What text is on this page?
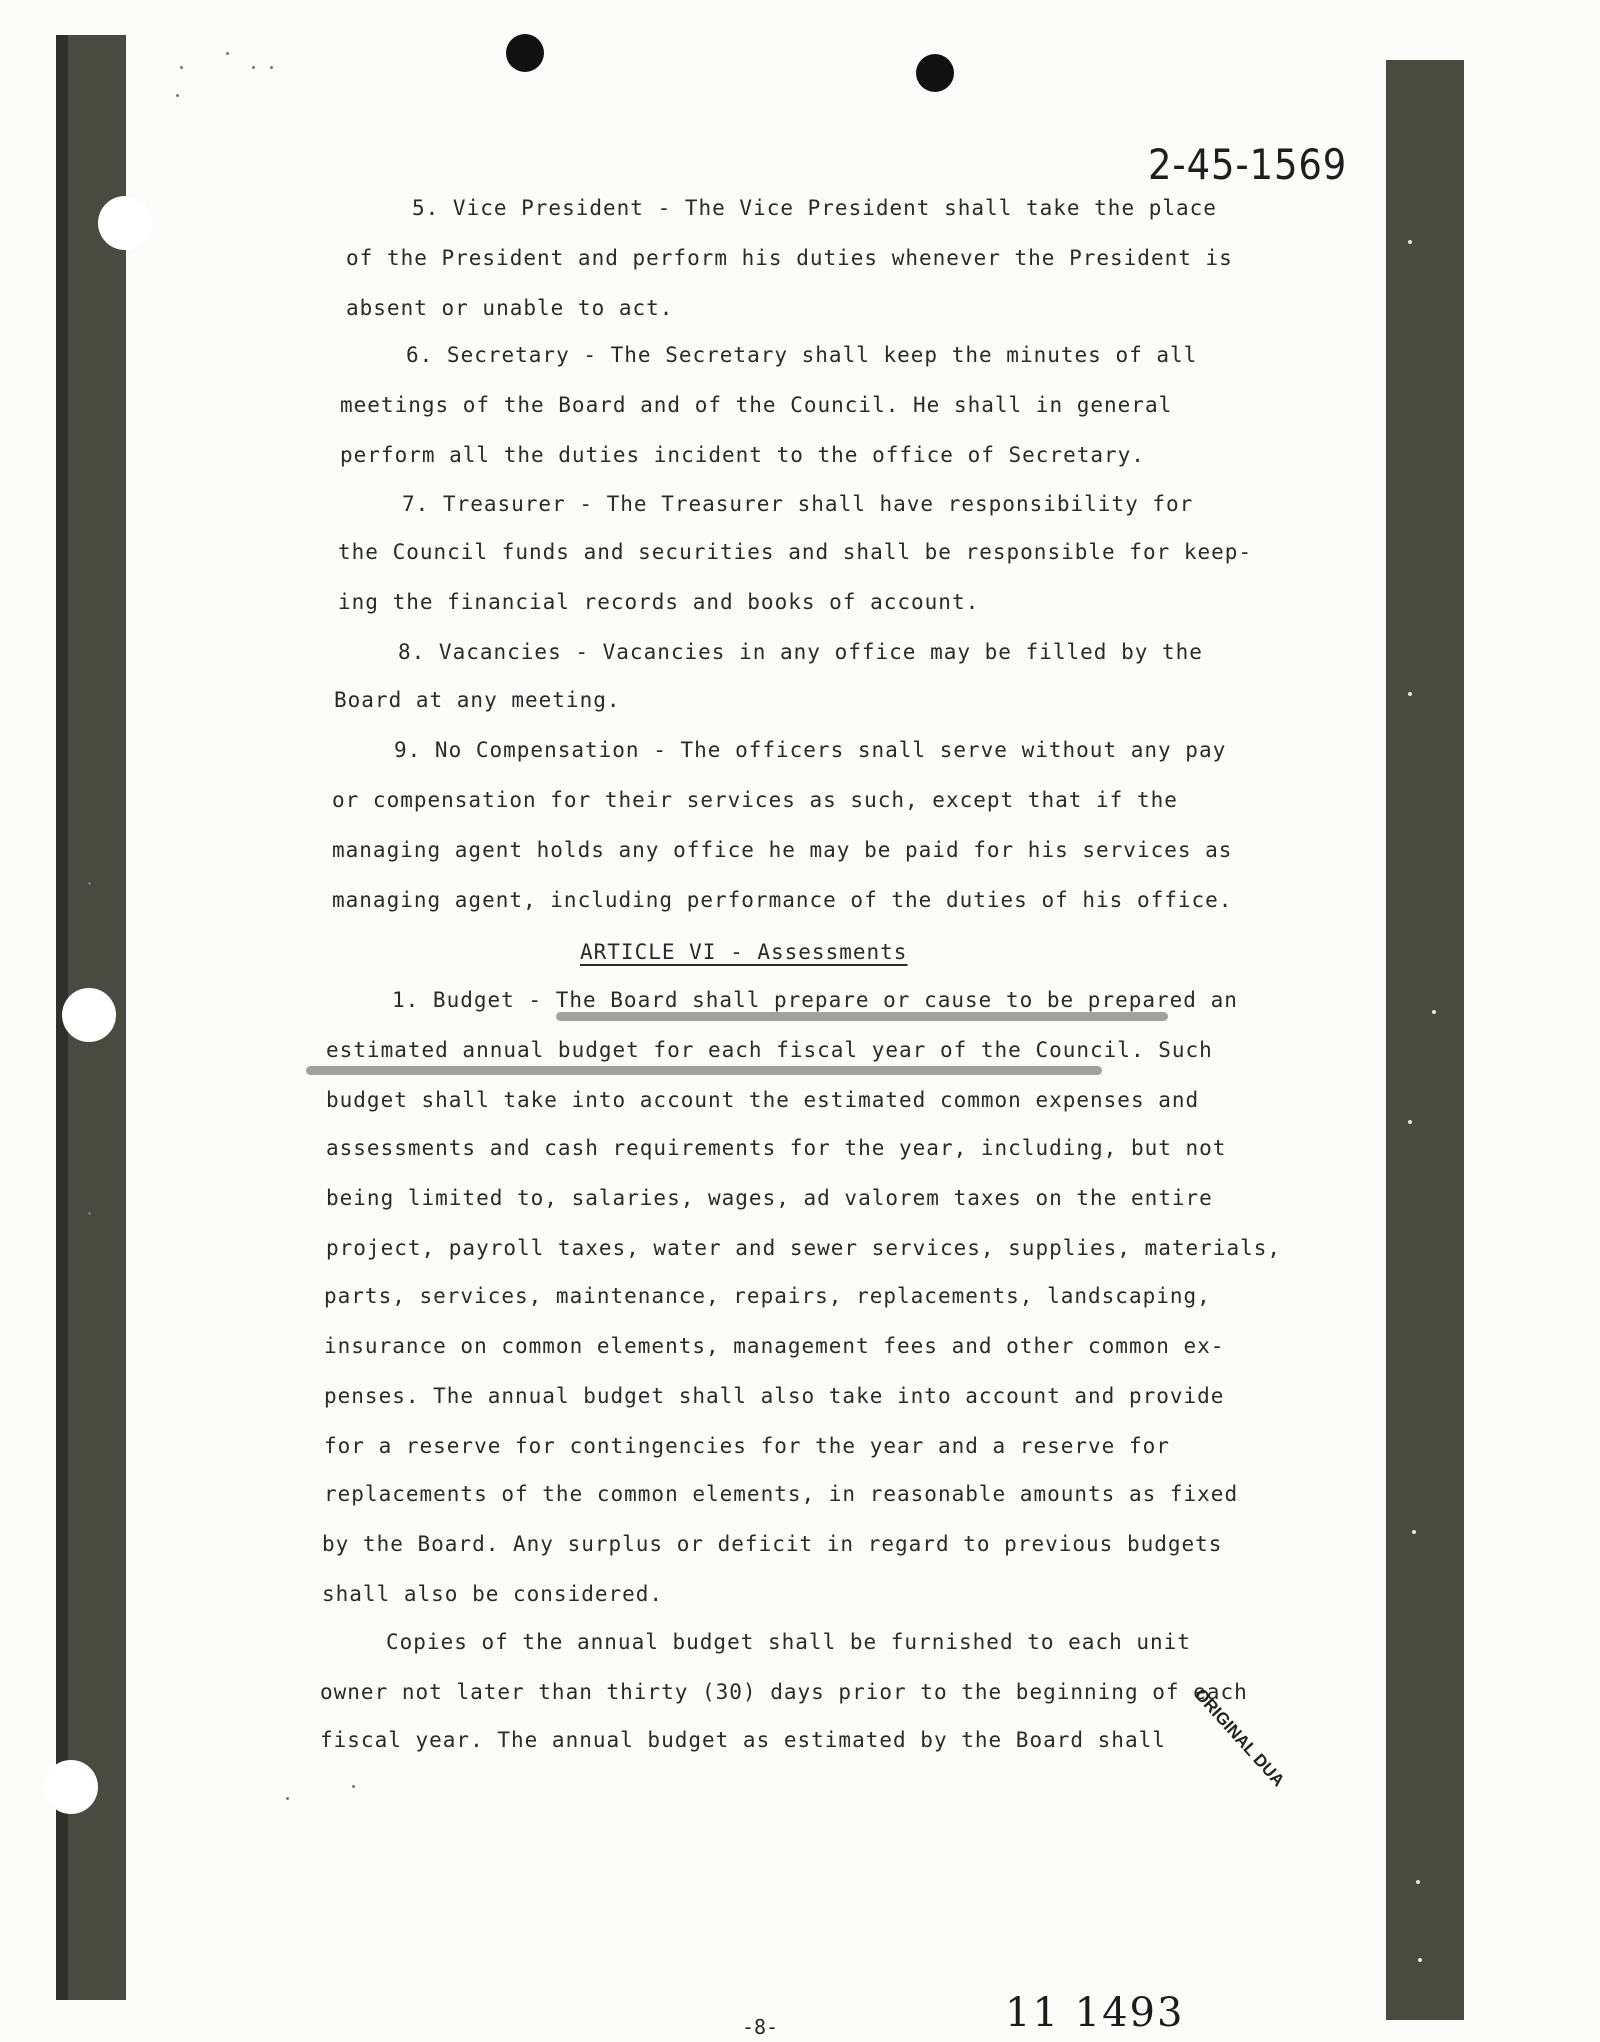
2-45-1569
5. Vice President - The Vice President shall take the place
of the President and perform his duties whenever the President is
absent or unable to act.
6. Secretary - The Secretary shall keep the minutes of all
meetings of the Board and of the Council. He shall in general
perform all the duties incident to the office of Secretary.
7. Treasurer - The Treasurer shall have responsibility for
the Council funds and securities and shall be responsible for keep-
ing the financial records and books of account.
8. Vacancies - Vacancies in any office may be filled by the
Board at any meeting.
9. No Compensation - The officers snall serve without any pay
or compensation for their services as such, except that if the
managing agent holds any office he may be paid for his services as
managing agent, including performance of the duties of his office.
ARTICLE VI - Assessments
1. Budget - The Board shall prepare or cause to be prepared an
estimated annual budget for each fiscal year of the Council. Such
budget shall take into account the estimated common expenses and
assessments and cash requirements for the year, including, but not
being limited to, salaries, wages, ad valorem taxes on the entire
project, payroll taxes, water and sewer services, supplies, materials,
parts, services, maintenance, repairs, replacements, landscaping,
insurance on common elements, management fees and other common ex-
penses. The annual budget shall also take into account and provide
for a reserve for contingencies for the year and a reserve for
replacements of the common elements, in reasonable amounts as fixed
by the Board. Any surplus or deficit in regard to previous budgets
shall also be considered.
Copies of the annual budget shall be furnished to each unit
owner not later than thirty (30) days prior to the beginning of each
fiscal year. The annual budget as estimated by the Board shall ORIGINAL DUA
-8-	11 1493
